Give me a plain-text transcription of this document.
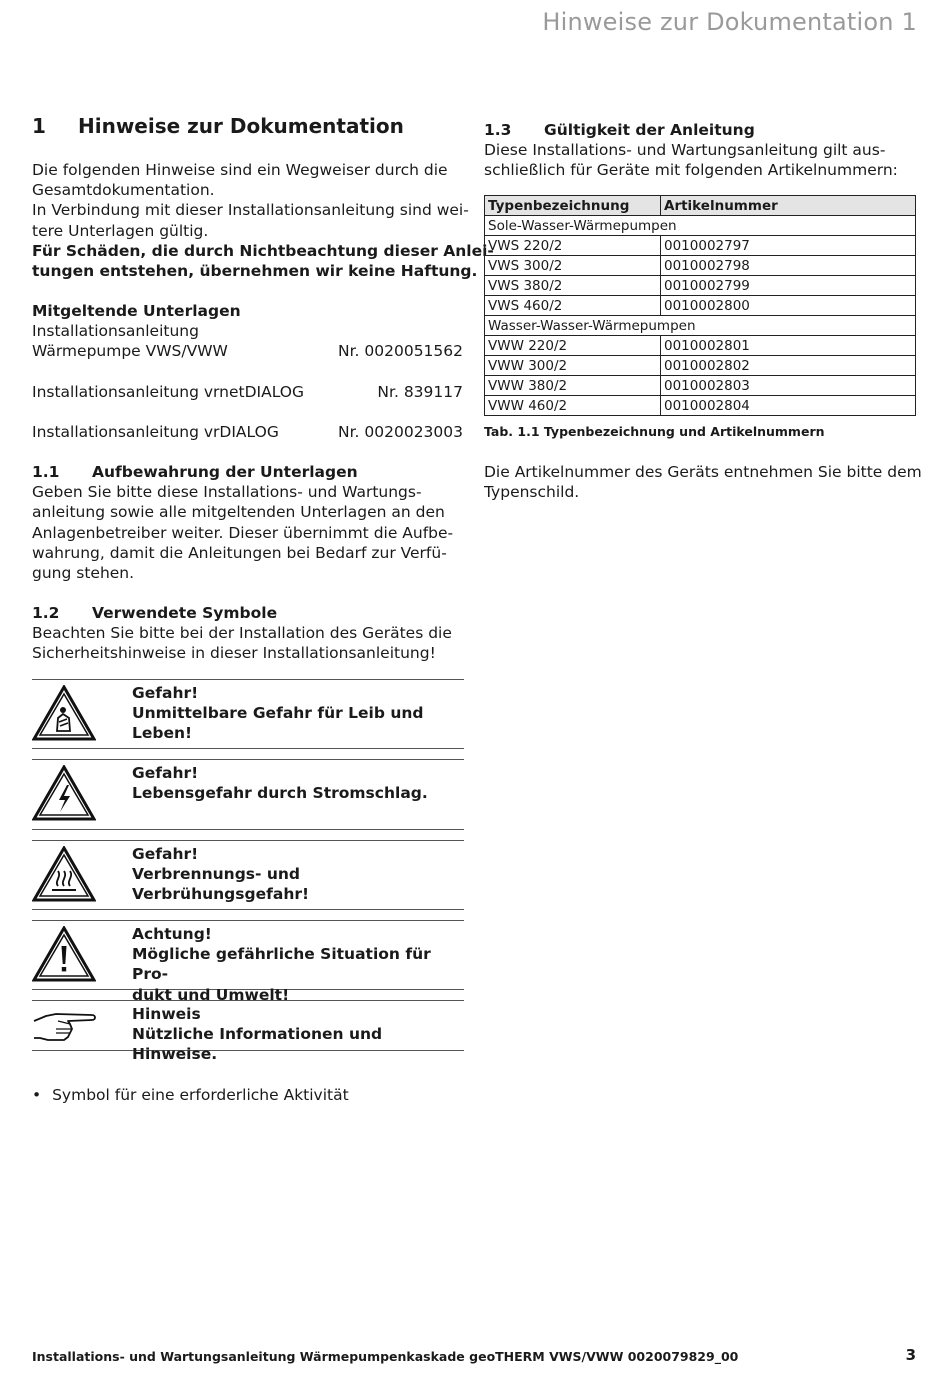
Hinweise zur Dokumentation 1
1 Hinweise zur Dokumentation
Die folgenden Hinweise sind ein Wegweiser durch die
Gesamtdokumentation.
In Verbindung mit dieser Installationsanleitung sind wei-
tere Unterlagen gültig.
Für Schäden, die durch Nichtbeachtung dieser Anlei-
tungen entstehen, übernehmen wir keine Haftung.
Mitgeltende Unterlagen
Installationsanleitung
Wärmepumpe VWS/VWW	Nr. 0020051562
Installationsanleitung vrnetDIALOG	Nr. 839117
Installationsanleitung vrDIALOG	Nr. 0020023003
1.1 Aufbewahrung der Unterlagen
Geben Sie bitte diese Installations- und Wartungs-
anleitung sowie alle mitgeltenden Unterlagen an den
Anlagenbetreiber weiter. Dieser übernimmt die Aufbe-
wahrung, damit die Anleitungen bei Bedarf zur Verfü-
gung stehen.
1.2 Verwendete Symbole
Beachten Sie bitte bei der Installation des Gerätes die
Sicherheitshinweise in dieser Installationsanleitung!
Gefahr!
Unmittelbare Gefahr für Leib und Leben!
Gefahr!
Lebensgefahr durch Stromschlag.
Gefahr!
Verbrennungs- und Verbrühungsgefahr!
Achtung!
Mögliche gefährliche Situation für Pro-
dukt und Umwelt!
Hinweis
Nützliche Informationen und Hinweise.
• Symbol für eine erforderliche Aktivität
1.3 Gültigkeit der Anleitung
Diese Installations- und Wartungsanleitung gilt aus-
schließlich für Geräte mit folgenden Artikelnummern:
Typenbezeichnung	Artikelnummer
Sole-Wasser-Wärmepumpen	
VWS 220/2	0010002797
VWS 300/2	0010002798
VWS 380/2	0010002799
VWS 460/2	0010002800
Wasser-Wasser-Wärmepumpen	
VWW 220/2	0010002801
VWW 300/2	0010002802
VWW 380/2	0010002803
VWW 460/2	0010002804
Tab. 1.1 Typenbezeichnung und Artikelnummern
Die Artikelnummer des Geräts entnehmen Sie bitte dem
Typenschild.
Installations- und Wartungsanleitung Wärmepumpenkaskade geoTHERM VWS/VWW 0020079829_00	3
